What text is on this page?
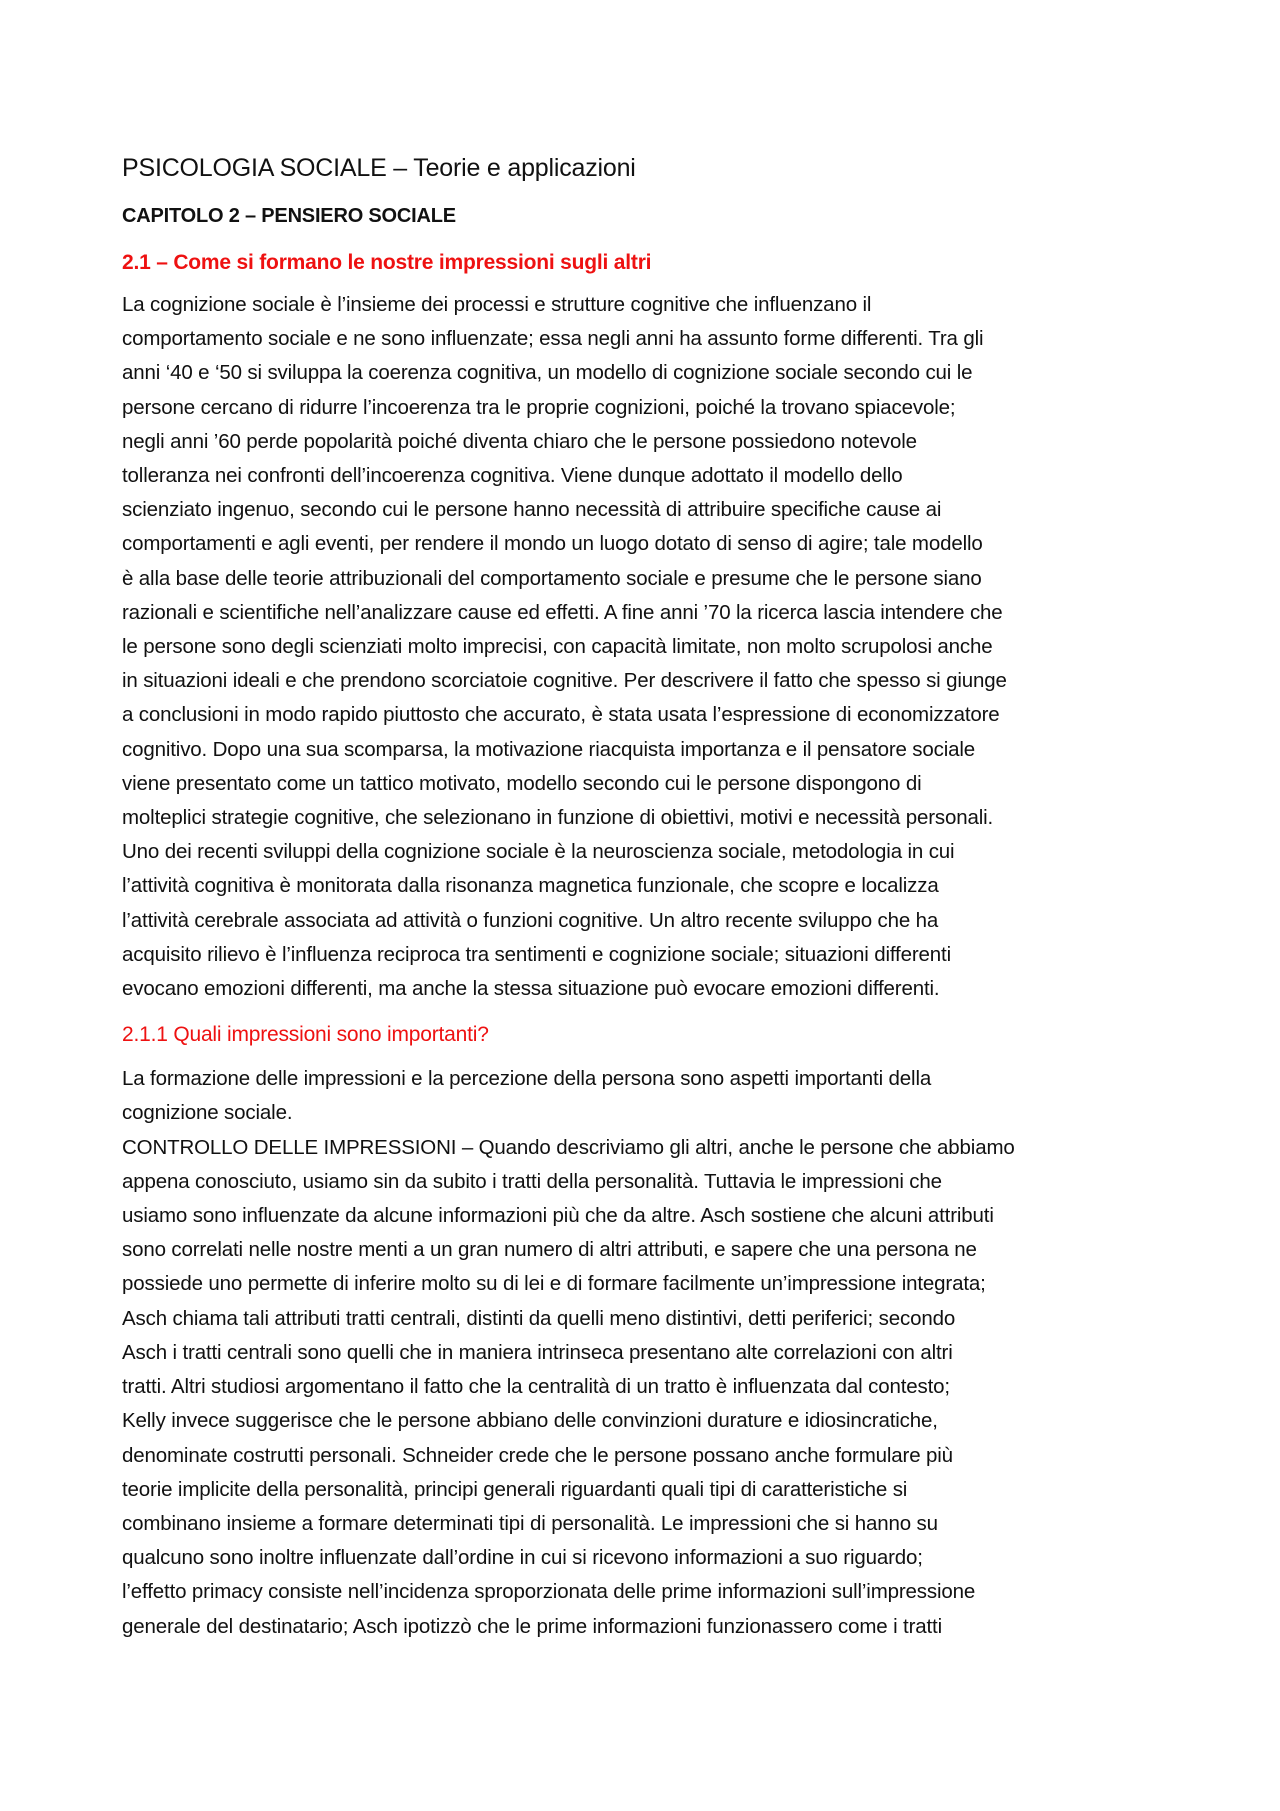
PSICOLOGIA SOCIALE – Teorie e applicazioni
CAPITOLO 2 – PENSIERO SOCIALE
2.1 – Come si formano le nostre impressioni sugli altri
La cognizione sociale è l’insieme dei processi e strutture cognitive che influenzano il
comportamento sociale e ne sono influenzate; essa negli anni ha assunto forme differenti. Tra gli
anni ‘40 e ‘50 si sviluppa la coerenza cognitiva, un modello di cognizione sociale secondo cui le
persone cercano di ridurre l’incoerenza tra le proprie cognizioni, poiché la trovano spiacevole;
negli anni ’60 perde popolarità poiché diventa chiaro che le persone possiedono notevole
tolleranza nei confronti dell’incoerenza cognitiva. Viene dunque adottato il modello dello
scienziato ingenuo, secondo cui le persone hanno necessità di attribuire specifiche cause ai
comportamenti e agli eventi, per rendere il mondo un luogo dotato di senso di agire; tale modello
è alla base delle teorie attribuzionali del comportamento sociale e presume che le persone siano
razionali e scientifiche nell’analizzare cause ed effetti. A fine anni ’70 la ricerca lascia intendere che
le persone sono degli scienziati molto imprecisi, con capacità limitate, non molto scrupolosi anche
in situazioni ideali e che prendono scorciatoie cognitive. Per descrivere il fatto che spesso si giunge
a conclusioni in modo rapido piuttosto che accurato, è stata usata l’espressione di economizzatore
cognitivo. Dopo una sua scomparsa, la motivazione riacquista importanza e il pensatore sociale
viene presentato come un tattico motivato, modello secondo cui le persone dispongono di
molteplici strategie cognitive, che selezionano in funzione di obiettivi, motivi e necessità personali.
Uno dei recenti sviluppi della cognizione sociale è la neuroscienza sociale, metodologia in cui
l’attività cognitiva è monitorata dalla risonanza magnetica funzionale, che scopre e localizza
l’attività cerebrale associata ad attività o funzioni cognitive. Un altro recente sviluppo che ha
acquisito rilievo è l’influenza reciproca tra sentimenti e cognizione sociale; situazioni differenti
evocano emozioni differenti, ma anche la stessa situazione può evocare emozioni differenti.
2.1.1 Quali impressioni sono importanti?
La formazione delle impressioni e la percezione della persona sono aspetti importanti della
cognizione sociale.
CONTROLLO DELLE IMPRESSIONI – Quando descriviamo gli altri, anche le persone che abbiamo
appena conosciuto, usiamo sin da subito i tratti della personalità. Tuttavia le impressioni che
usiamo sono influenzate da alcune informazioni più che da altre. Asch sostiene che alcuni attributi
sono correlati nelle nostre menti a un gran numero di altri attributi, e sapere che una persona ne
possiede uno permette di inferire molto su di lei e di formare facilmente un’impressione integrata;
Asch chiama tali attributi tratti centrali, distinti da quelli meno distintivi, detti periferici; secondo
Asch i tratti centrali sono quelli che in maniera intrinseca presentano alte correlazioni con altri
tratti. Altri studiosi argomentano il fatto che la centralità di un tratto è influenzata dal contesto;
Kelly invece suggerisce che le persone abbiano delle convinzioni durature e idiosincratiche,
denominate costrutti personali. Schneider crede che le persone possano anche formulare più
teorie implicite della personalità, principi generali riguardanti quali tipi di caratteristiche si
combinano insieme a formare determinati tipi di personalità. Le impressioni che si hanno su
qualcuno sono inoltre influenzate dall’ordine in cui si ricevono informazioni a suo riguardo;
l’effetto primacy consiste nell’incidenza sproporzionata delle prime informazioni sull’impressione
generale del destinatario; Asch ipotizzò che le prime informazioni funzionassero come i tratti
